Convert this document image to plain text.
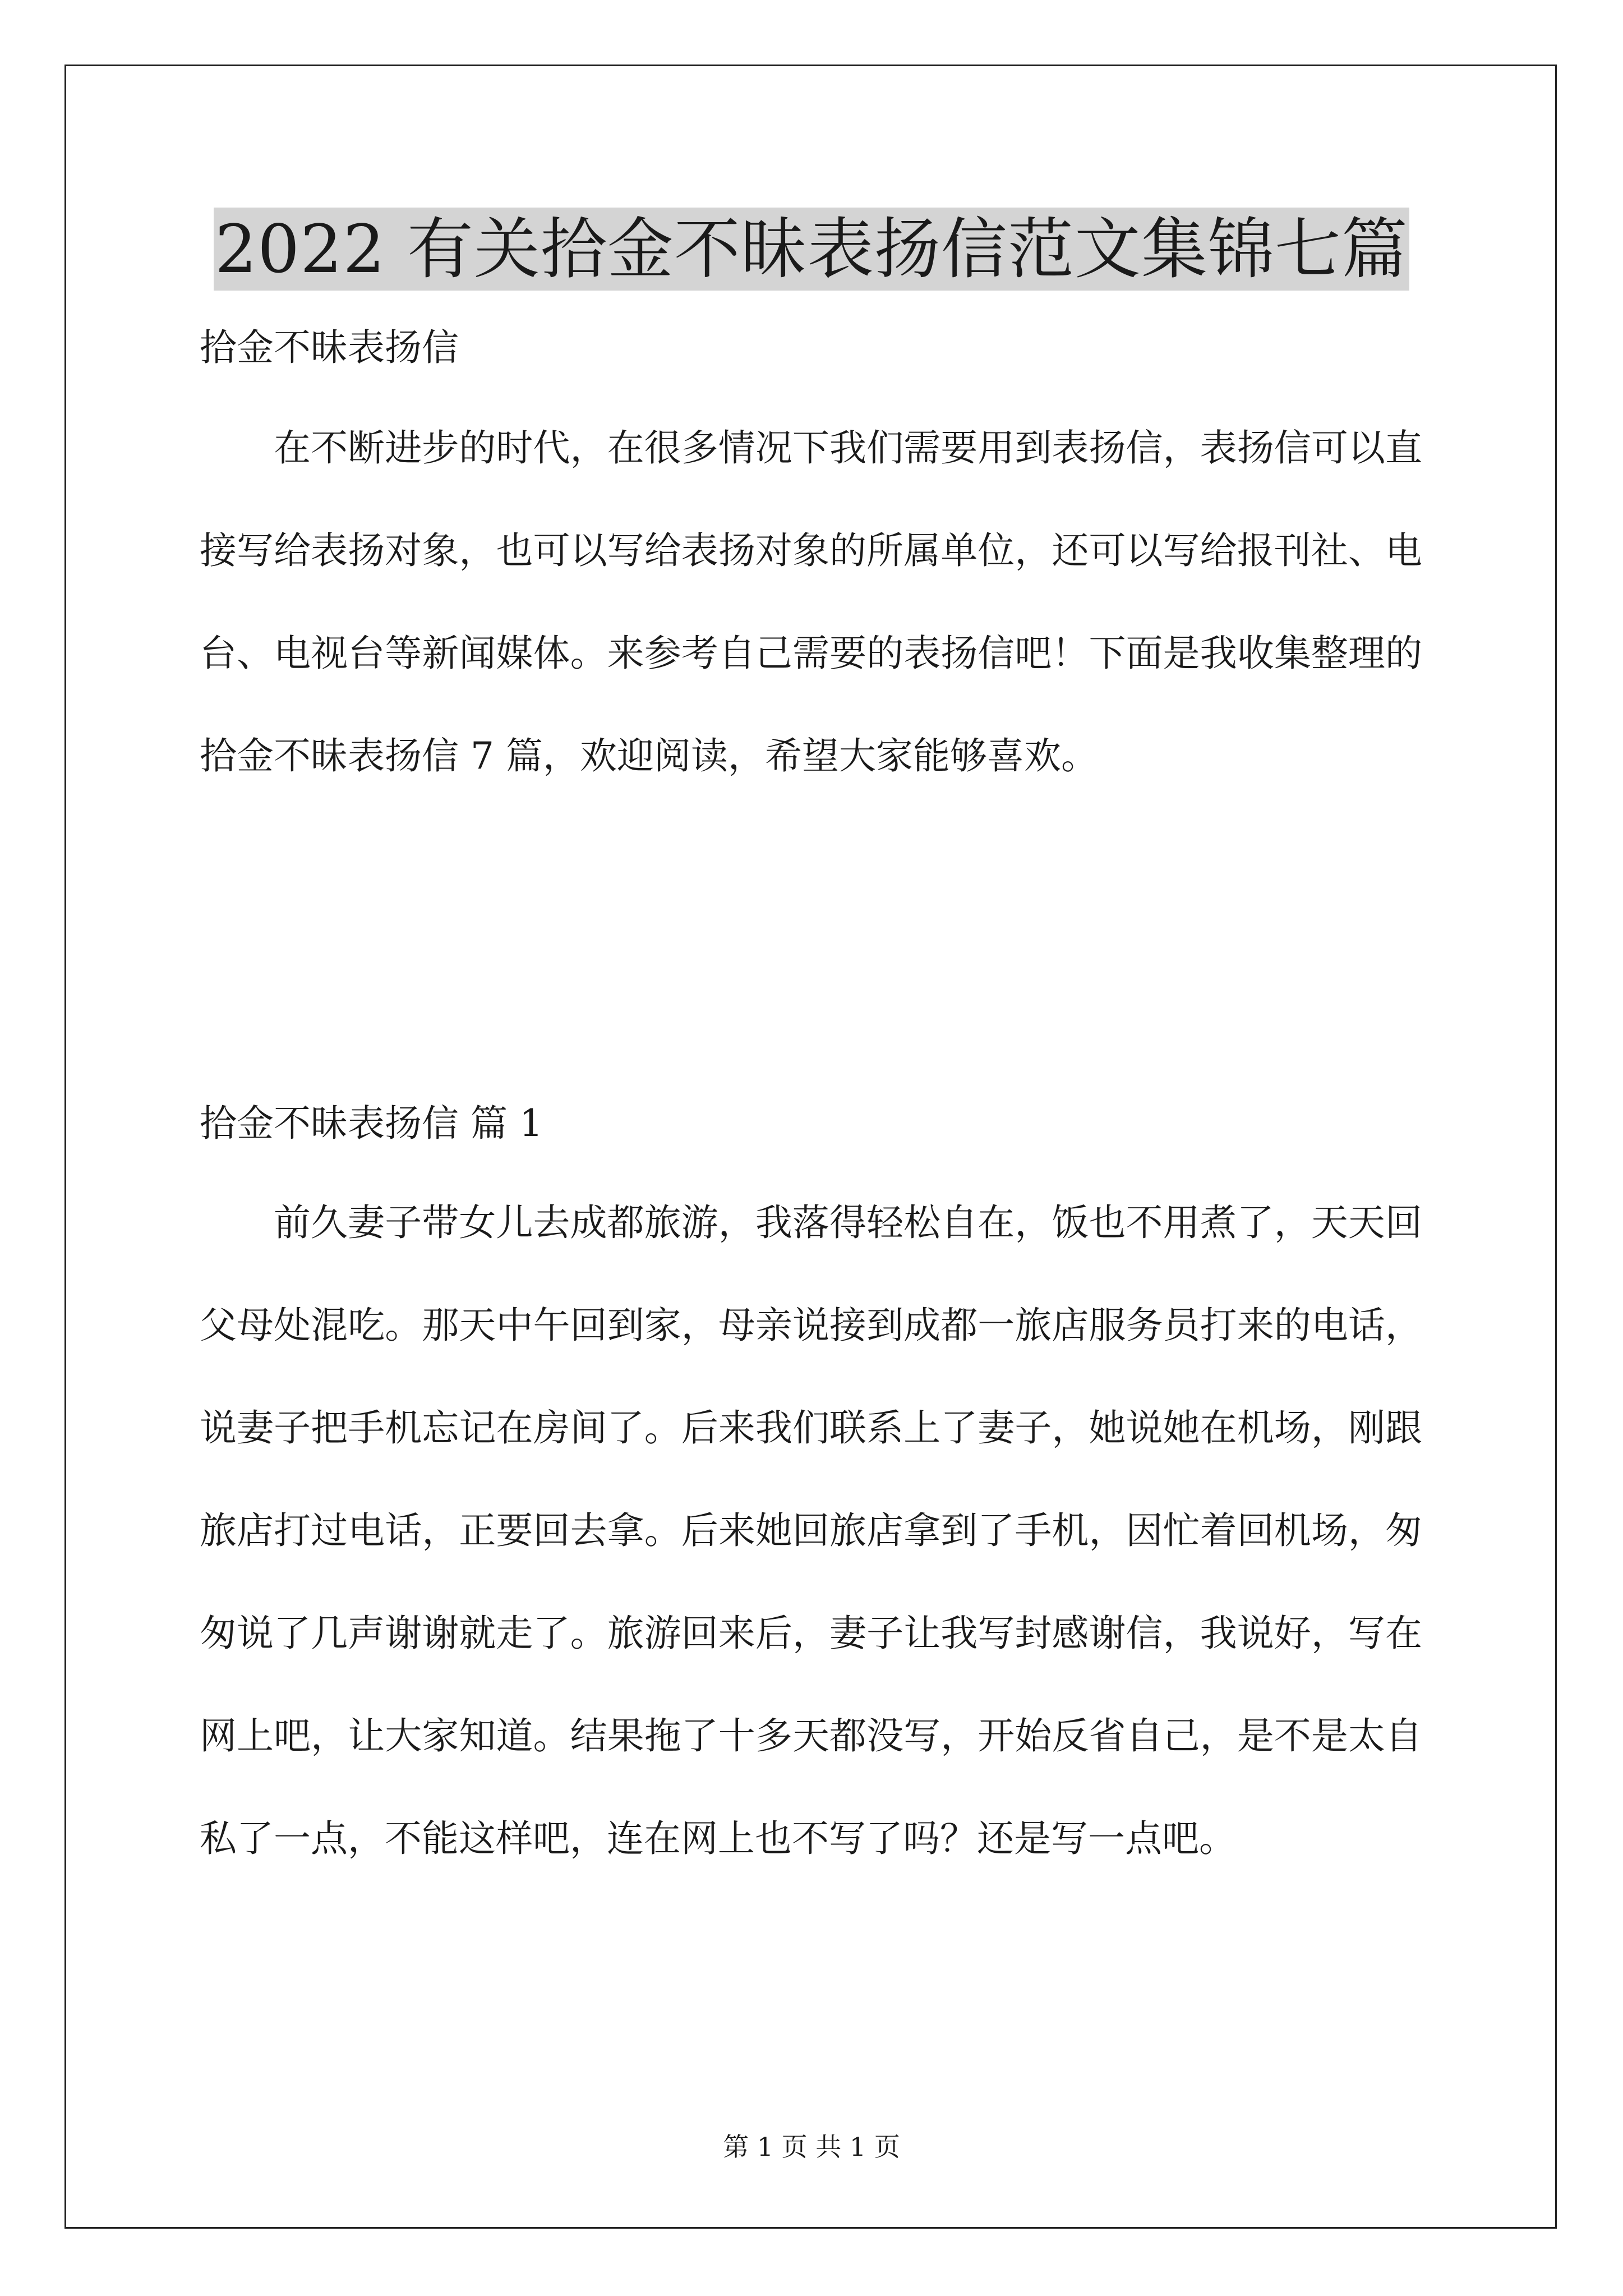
2022 有关拾金不昧表扬信范文集锦七篇
拾金不昧表扬信

在不断进步的时代，在很多情况下我们需要用到表扬信，表扬信可以直接写给表扬对象，也可以写给表扬对象的所属单位，还可以写给报刊社、电台、电视台等新闻媒体。来参考自己需要的表扬信吧！下面是我收集整理的拾金不昧表扬信 7 篇，欢迎阅读，希望大家能够喜欢。

拾金不昧表扬信 篇 1

前久妻子带女儿去成都旅游，我落得轻松自在，饭也不用煮了，天天回父母处混吃。那天中午回到家，母亲说接到成都一旅店服务员打来的电话，说妻子把手机忘记在房间了。后来我们联系上了妻子，她说她在机场，刚跟旅店打过电话，正要回去拿。后来她回旅店拿到了手机，因忙着回机场，匆匆说了几声谢谢就走了。旅游回来后，妻子让我写封感谢信，我说好，写在网上吧，让大家知道。结果拖了十多天都没写，开始反省自己，是不是太自私了一点，不能这样吧，连在网上也不写了吗？还是写一点吧。

第 1 页 共 1 页
